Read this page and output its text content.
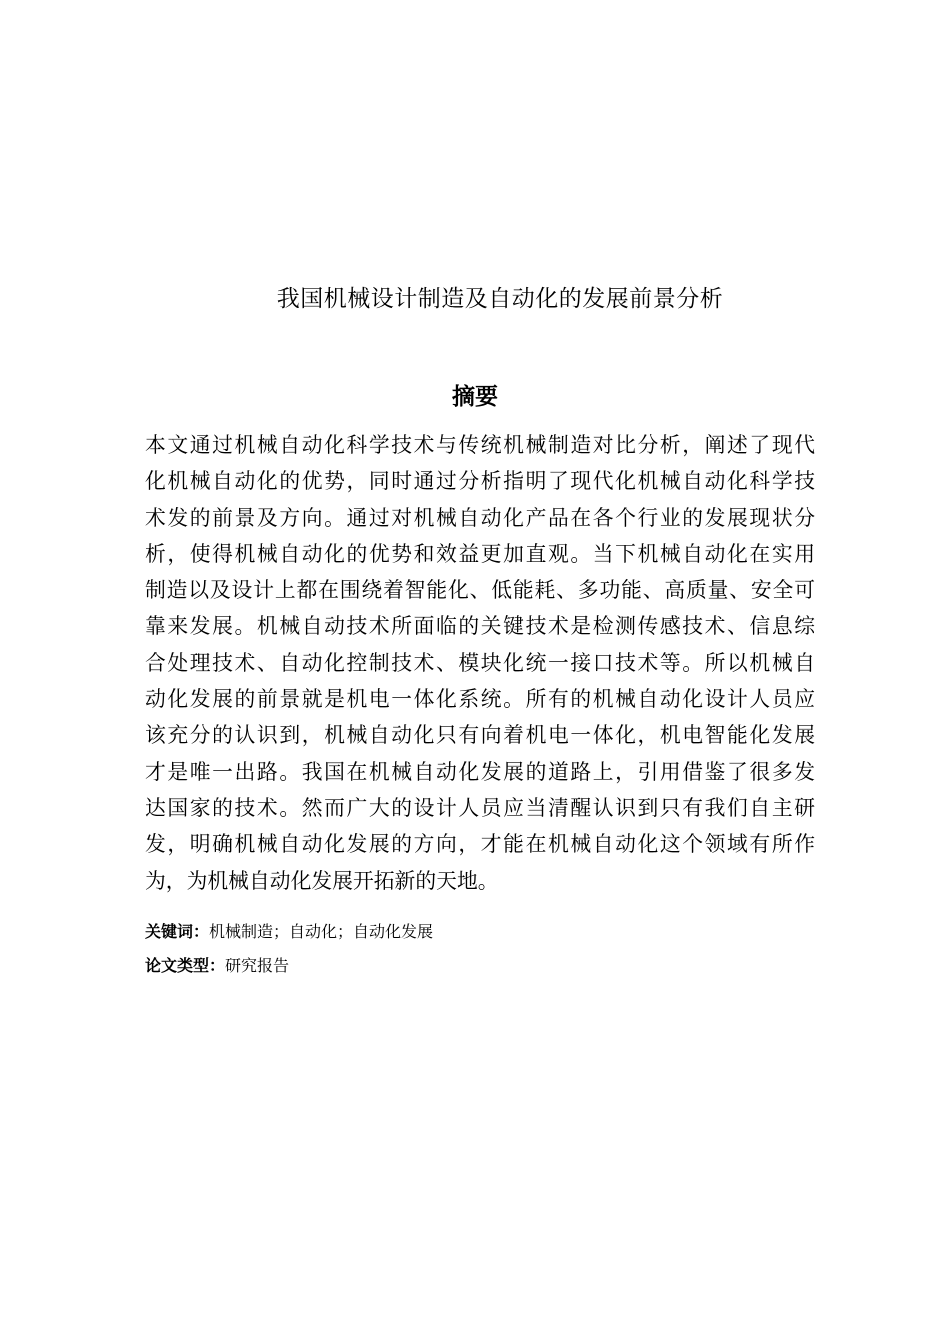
我国机械设计制造及自动化的发展前景分析
摘要
本文通过机械自动化科学技术与传统机械制造对比分析，阐述了现代
化机械自动化的优势，同时通过分析指明了现代化机械自动化科学技
术发的前景及方向。通过对机械自动化产品在各个行业的发展现状分
析，使得机械自动化的优势和效益更加直观。当下机械自动化在实用
制造以及设计上都在围绕着智能化、低能耗、多功能、高质量、安全可
靠来发展。机械自动技术所面临的关键技术是检测传感技术、信息综
合处理技术、自动化控制技术、模块化统一接口技术等。所以机械自
动化发展的前景就是机电一体化系统。所有的机械自动化设计人员应
该充分的认识到，机械自动化只有向着机电一体化，机电智能化发展
才是唯一出路。我国在机械自动化发展的道路上，引用借鉴了很多发
达国家的技术。然而广大的设计人员应当清醒认识到只有我们自主研
发，明确机械自动化发展的方向，才能在机械自动化这个领域有所作
为，为机械自动化发展开拓新的天地。
关键词：机械制造；自动化；自动化发展
论文类型：研究报告
